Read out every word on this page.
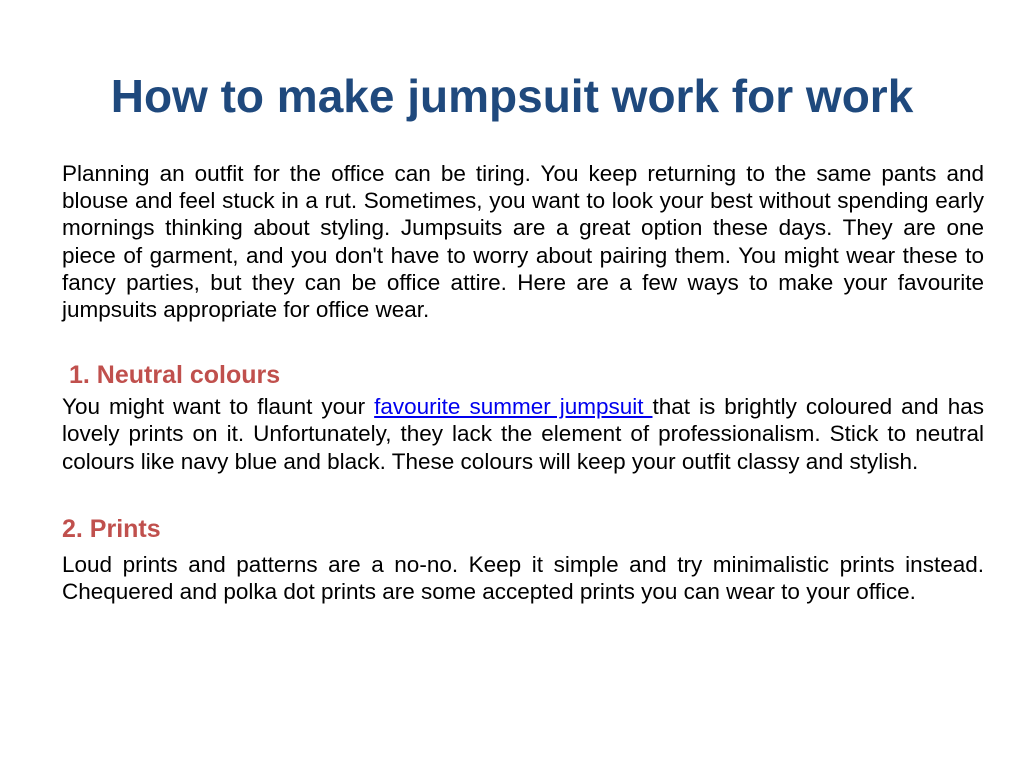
How to make jumpsuit work for work

Planning an outfit for the office can be tiring. You keep returning to the same pants and blouse and feel stuck in a rut. Sometimes, you want to look your best without spending early mornings thinking about styling. Jumpsuits are a great option these days. They are one piece of garment, and you don't have to worry about pairing them. You might wear these to fancy parties, but they can be office attire. Here are a few ways to make your favourite jumpsuits appropriate for office wear.

1. Neutral colours

You might want to flaunt your favourite summer jumpsuit that is brightly coloured and has lovely prints on it. Unfortunately, they lack the element of professionalism. Stick to neutral colours like navy blue and black. These colours will keep your outfit classy and stylish.

2. Prints

Loud prints and patterns are a no-no. Keep it simple and try minimalistic prints instead. Chequered and polka dot prints are some accepted prints you can wear to your office.
